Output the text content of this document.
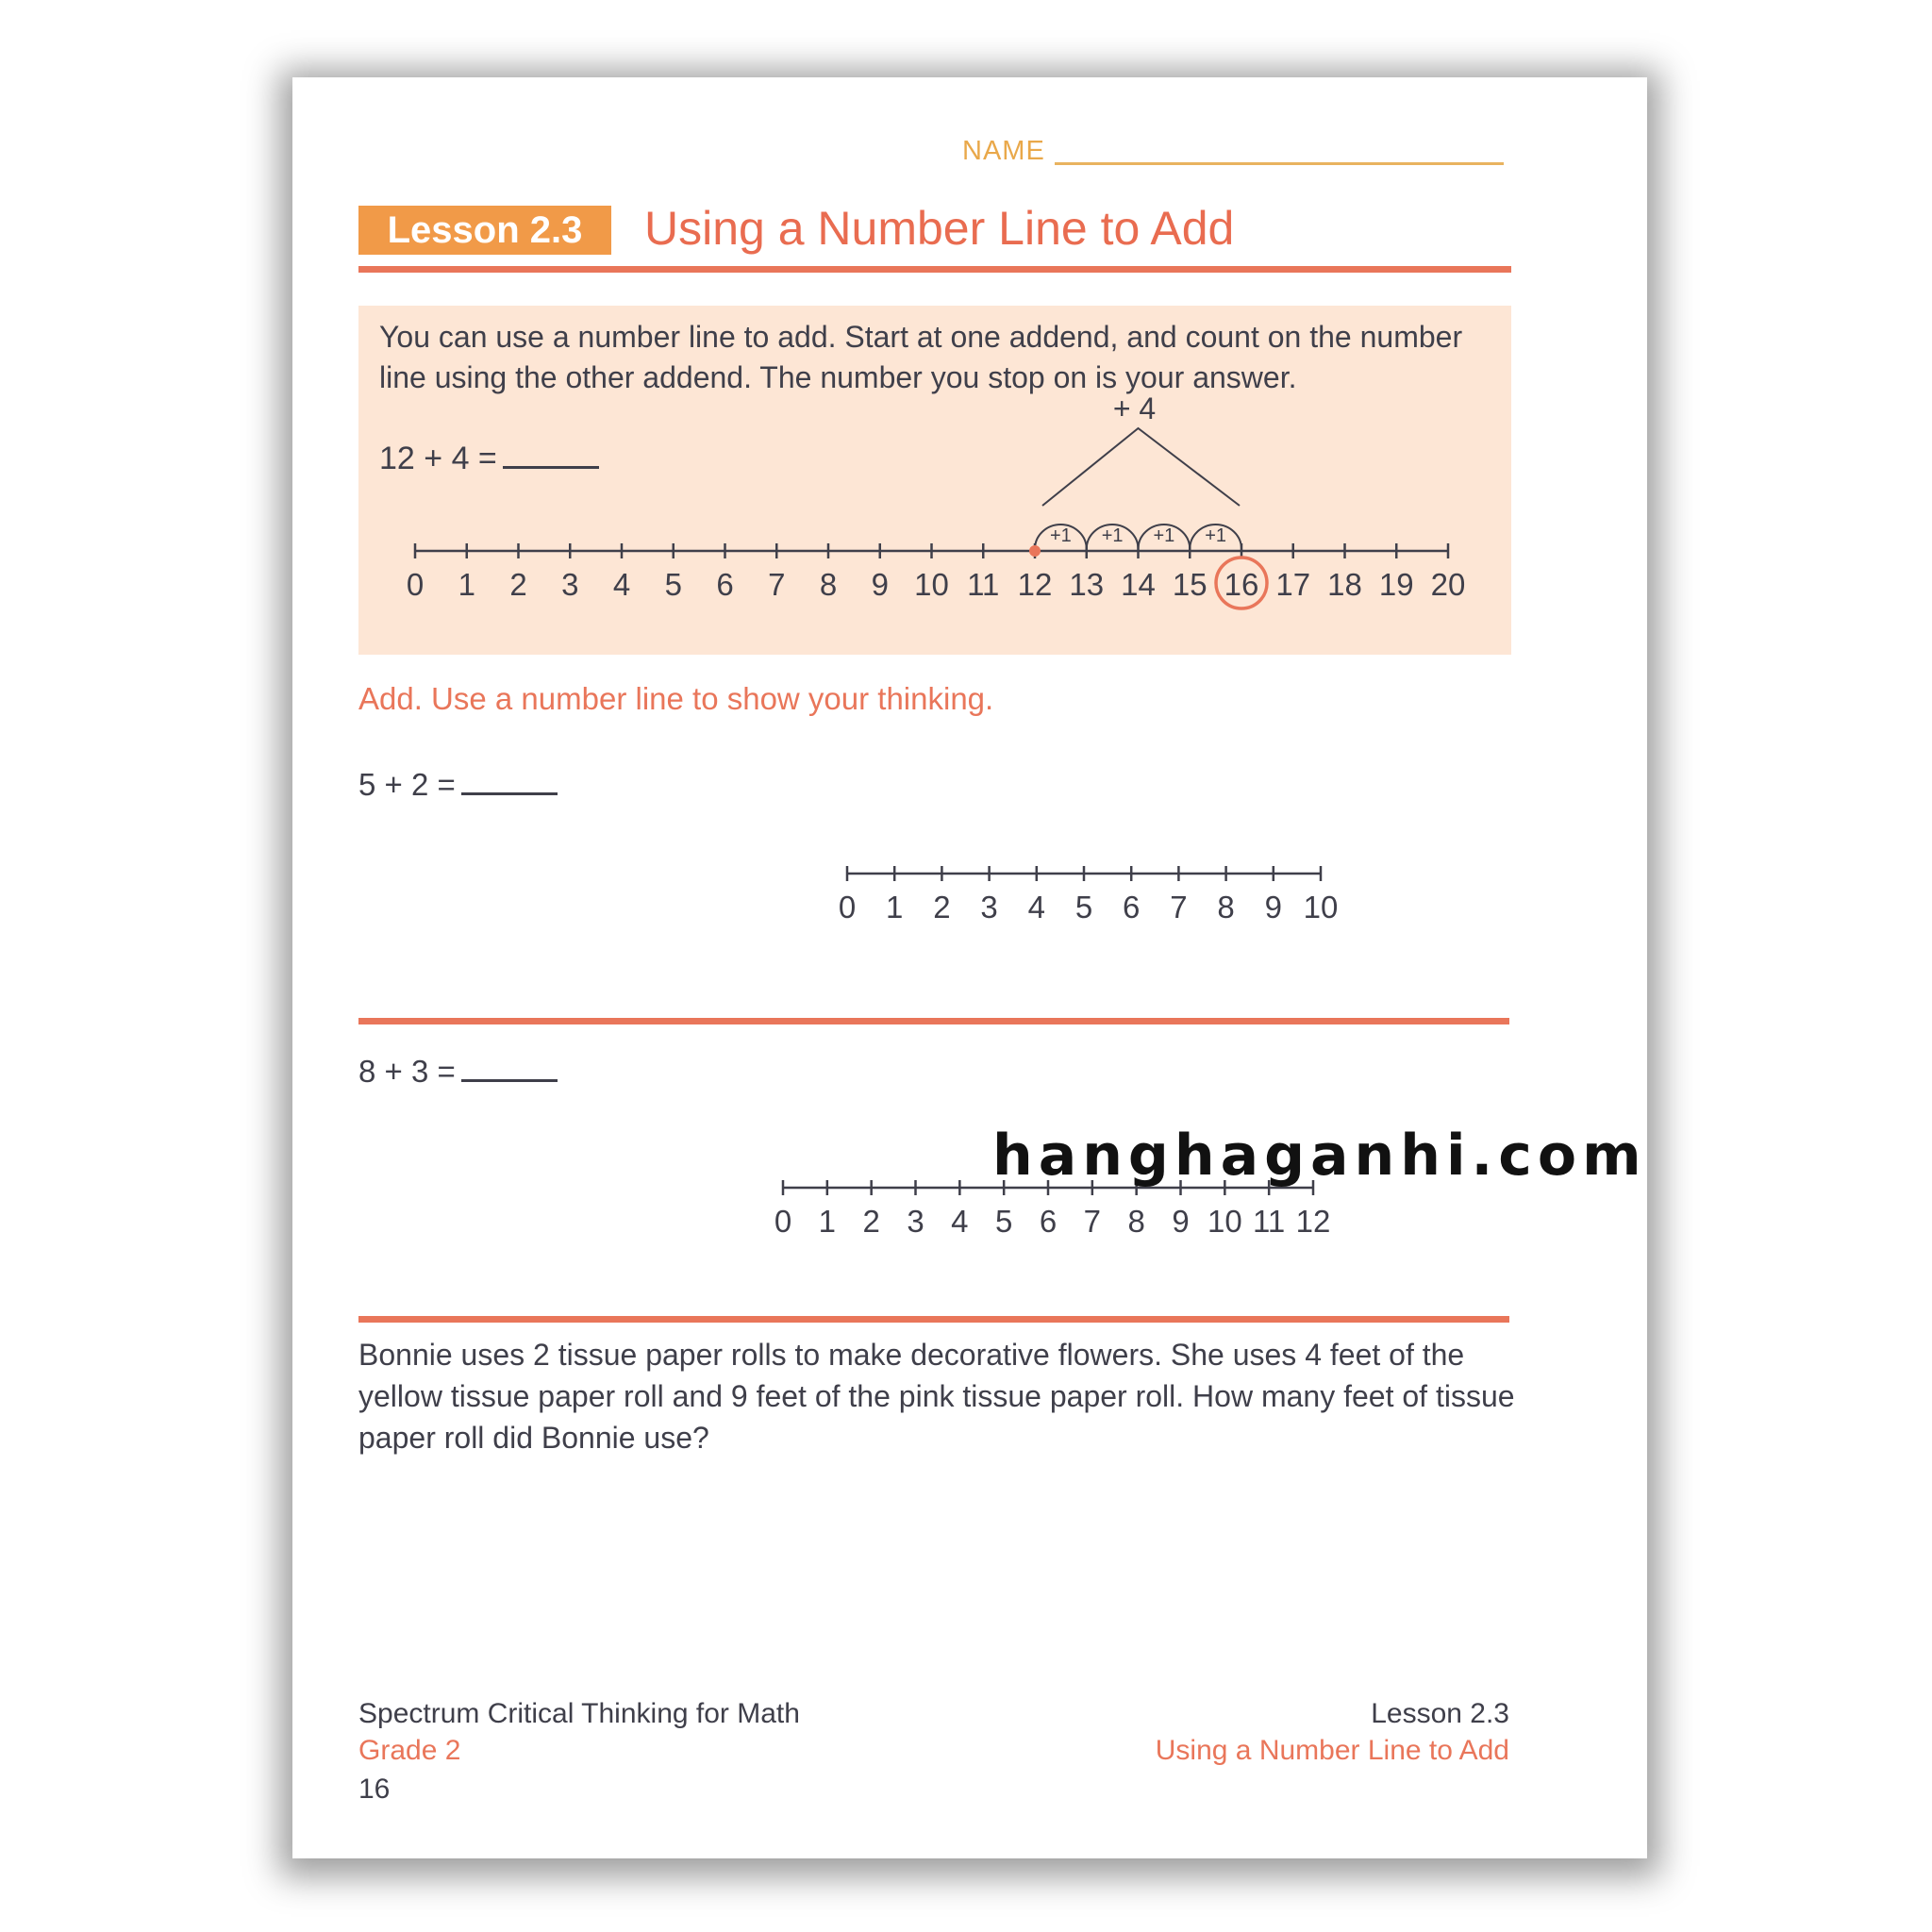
NAME
Lesson 2.3	Using a Number Line to Add
You can use a number line to add. Start at one addend, and count on the number line using the other addend. The number you stop on is your answer.
12 + 4 =
0 1 2 3 4 5 6 7 8 9 10 11 12 13 14 15 16 17 18 19 20
+1 +1 +1 +1
+ 4
Add. Use a number line to show your thinking.
5 + 2 =
0 1 2 3 4 5 6 7 8 9 10
8 + 3 =
0 1 2 3 4 5 6 7 8 9 10 11 12
Bonnie uses 2 tissue paper rolls to make decorative flowers. She uses 4 feet of the yellow tissue paper roll and 9 feet of the pink tissue paper roll. How many feet of tissue paper roll did Bonnie use?
Spectrum Critical Thinking for Math
Grade 2
16
Lesson 2.3
Using a Number Line to Add
hanghaganhi.com
